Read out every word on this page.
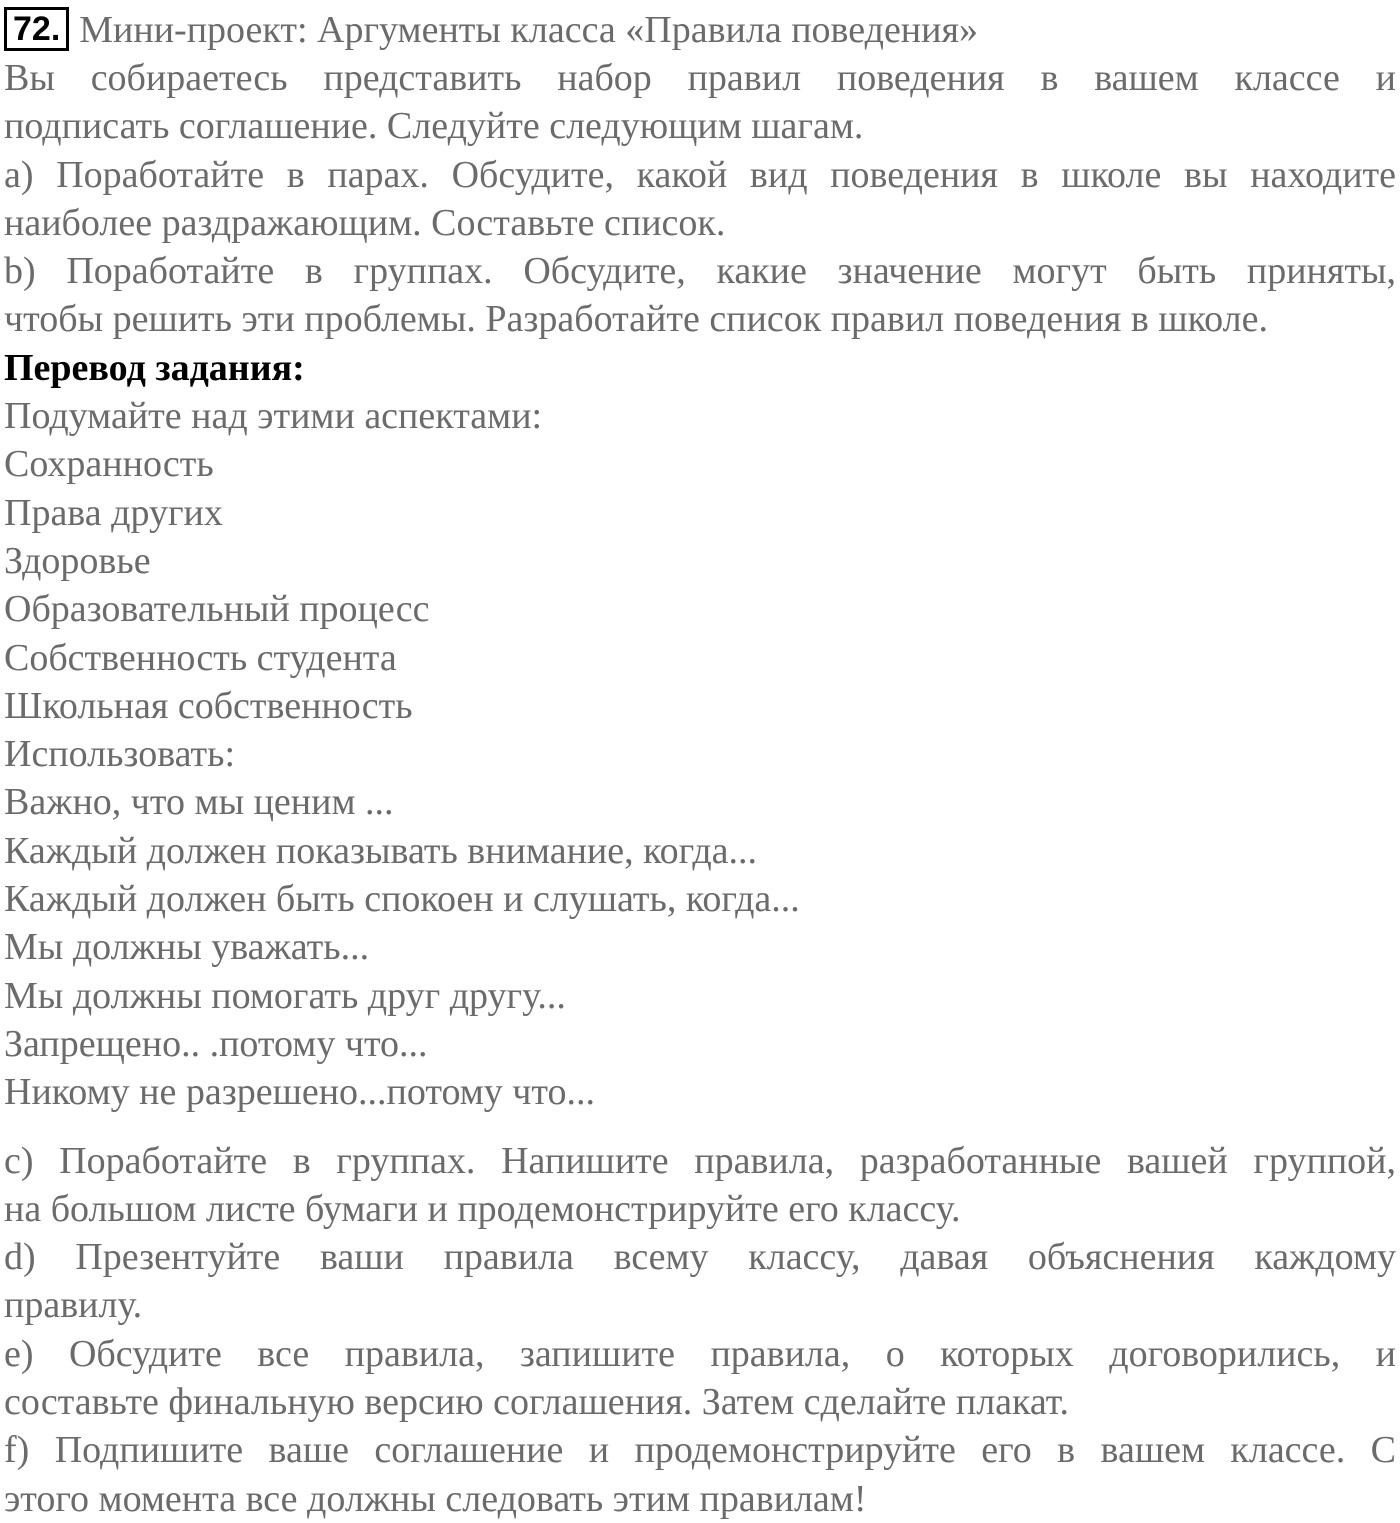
72. Мини-проект: Аргументы класса «Правила поведения»
Вы собираетесь представить набор правил поведения в вашем классе и
подписать соглашение. Следуйте следующим шагам.
a) Поработайте в парах. Обсудите, какой вид поведения в школе вы находите
наиболее раздражающим. Составьте список.
b) Поработайте в группах. Обсудите, какие значение могут быть приняты,
чтобы решить эти проблемы. Разработайте список правил поведения в школе.
Перевод задания:
Подумайте над этими аспектами:
Сохранность
Права других
Здоровье
Образовательный процесс
Собственность студента
Школьная собственность
Использовать:
Важно, что мы ценим ...
Каждый должен показывать внимание, когда...
Каждый должен быть спокоен и слушать, когда...
Мы должны уважать...
Мы должны помогать друг другу...
Запрещено.. .потому что...
Никому не разрешено...потому что...
c) Поработайте в группах. Напишите правила, разработанные вашей группой,
на большом листе бумаги и продемонстрируйте его классу.
d) Презентуйте ваши правила всему классу, давая объяснения каждому
правилу.
e) Обсудите все правила, запишите правила, о которых договорились, и
составьте финальную версию соглашения. Затем сделайте плакат.
f) Подпишите ваше соглашение и продемонстрируйте его в вашем классе. С
этого момента все должны следовать этим правилам!
